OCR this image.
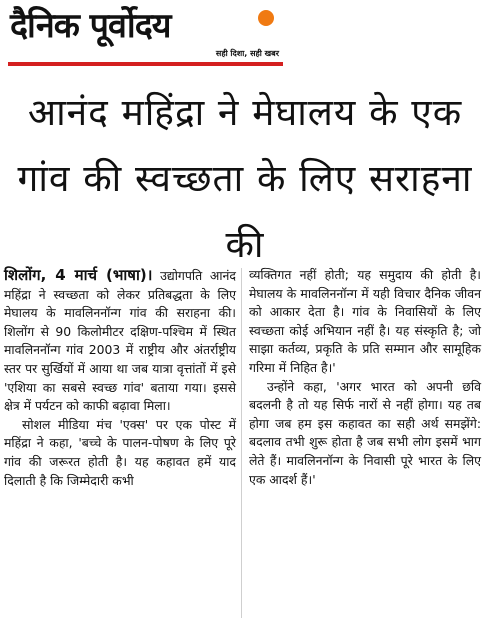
दैनिक पूर्वोदय
सही दिशा, सही खबर
आनंद महिंद्रा ने मेघालय के एक गांव की स्वच्छता के लिए सराहना की

शिलोंग, 4 मार्च (भाषा)। उद्योगपति आनंद महिंद्रा ने स्वच्छता को लेकर प्रतिबद्धता के लिए मेघालय के मावलिननॉन्ग गांव की सराहना की। शिलोंग से 90 किलोमीटर दक्षिण-पश्चिम में स्थित मावलिननॉन्ग गांव 2003 में राष्ट्रीय और अंतर्राष्ट्रीय स्तर पर सुर्खियों में आया था जब यात्रा वृत्तांतों में इसे 'एशिया का सबसे स्वच्छ गांव' बताया गया। इससे क्षेत्र में पर्यटन को काफी बढ़ावा मिला।

सोशल मीडिया मंच 'एक्स' पर एक पोस्ट में महिंद्रा ने कहा, 'बच्चे के पालन-पोषण के लिए पूरे गांव की जरूरत होती है। यह कहावत हमें याद दिलाती है कि जिम्मेदारी कभी

व्यक्तिगत नहीं होती; यह समुदाय की होती है। मेघालय के मावलिननॉन्ग में यही विचार दैनिक जीवन को आकार देता है। गांव के निवासियों के लिए स्वच्छता कोई अभियान नहीं है। यह संस्कृति है; जो साझा कर्तव्य, प्रकृति के प्रति सम्मान और सामूहिक गरिमा में निहित है।'

उन्होंने कहा, 'अगर भारत को अपनी छवि बदलनी है तो यह सिर्फ नारों से नहीं होगा। यह तब होगा जब हम इस कहावत का सही अर्थ समझेंगे: बदलाव तभी शुरू होता है जब सभी लोग इसमें भाग लेते हैं। मावलिननॉन्ग के निवासी पूरे भारत के लिए एक आदर्श हैं।'
